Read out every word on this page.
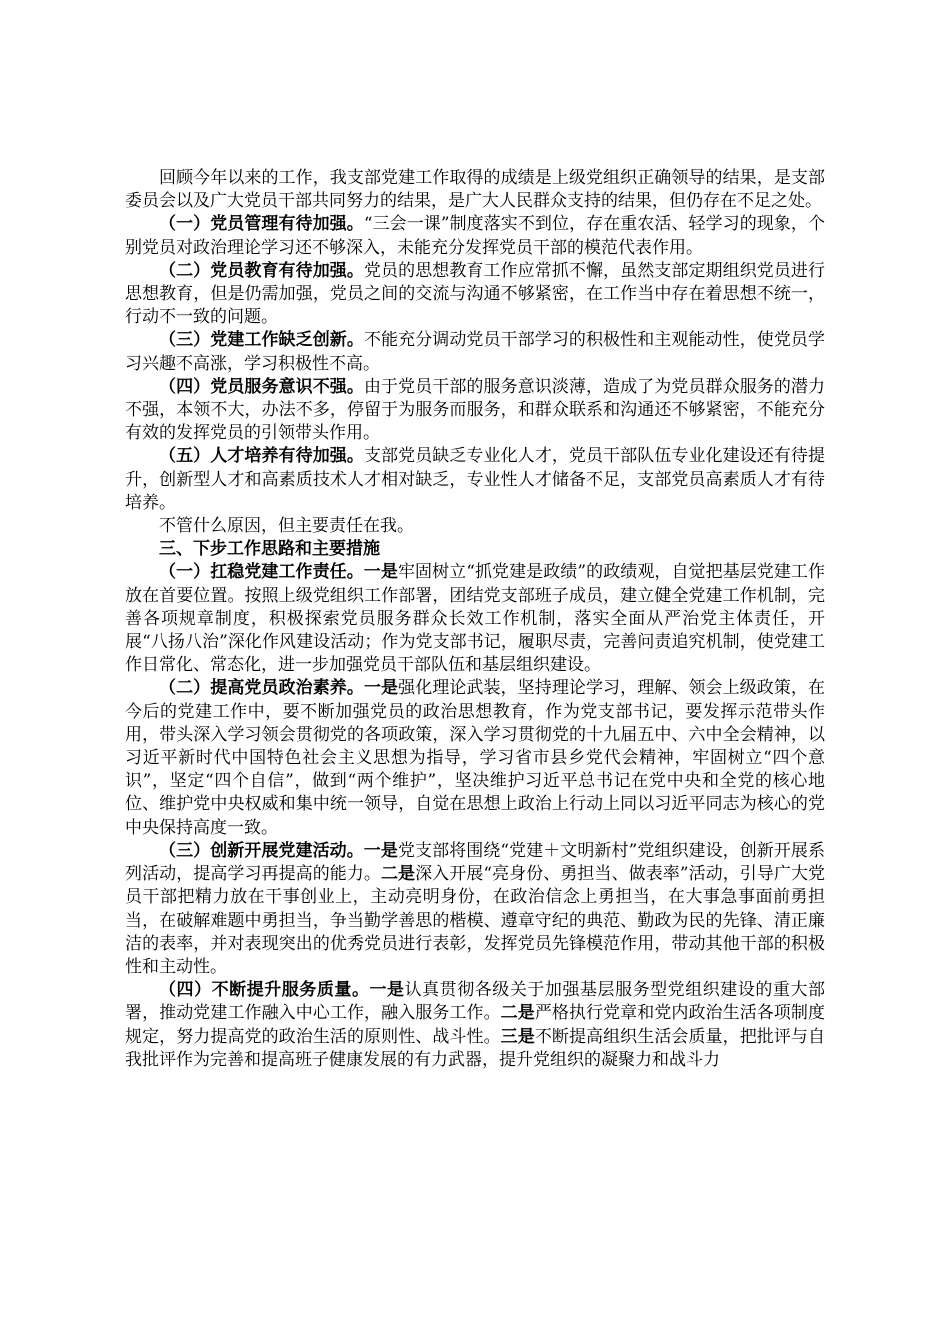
回顾今年以来的工作，我支部党建工作取得的成绩是上级党组织正确领导的结果，是支部委员会以及广大党员干部共同努力的结果，是广大人民群众支持的结果，但仍存在不足之处。

（一）党员管理有待加强。“三会一课”制度落实不到位，存在重农活、轻学习的现象，个别党员对政治理论学习还不够深入，未能充分发挥党员干部的模范代表作用。

（二）党员教育有待加强。党员的思想教育工作应常抓不懈，虽然支部定期组织党员进行思想教育，但是仍需加强，党员之间的交流与沟通不够紧密，在工作当中存在着思想不统一，行动不一致的问题。

（三）党建工作缺乏创新。不能充分调动党员干部学习的积极性和主观能动性，使党员学习兴趣不高涨，学习积极性不高。

（四）党员服务意识不强。由于党员干部的服务意识淡薄，造成了为党员群众服务的潜力不强，本领不大，办法不多，停留于为服务而服务，和群众联系和沟通还不够紧密，不能充分有效的发挥党员的引领带头作用。

（五）人才培养有待加强。支部党员缺乏专业化人才，党员干部队伍专业化建设还有待提升，创新型人才和高素质技术人才相对缺乏，专业性人才储备不足，支部党员高素质人才有待培养。

不管什么原因，但主要责任在我。

三、下步工作思路和主要措施

（一）扛稳党建工作责任。一是牢固树立“抓党建是政绩”的政绩观，自觉把基层党建工作放在首要位置。按照上级党组织工作部署，团结党支部班子成员，建立健全党建工作机制，完善各项规章制度，积极探索党员服务群众长效工作机制，落实全面从严治党主体责任，开展“八扬八治”深化作风建设活动；作为党支部书记，履职尽责，完善问责追究机制，使党建工作日常化、常态化，进一步加强党员干部队伍和基层组织建设。

（二）提高党员政治素养。一是强化理论武装，坚持理论学习，理解、领会上级政策，在今后的党建工作中，要不断加强党员的政治思想教育，作为党支部书记，要发挥示范带头作用，带头深入学习领会贯彻党的各项政策，深入学习贯彻党的十九届五中、六中全会精神，以习近平新时代中国特色社会主义思想为指导，学习省市县乡党代会精神，牢固树立“四个意识”，坚定“四个自信”，做到“两个维护”，坚决维护习近平总书记在党中央和全党的核心地位、维护党中央权威和集中统一领导，自觉在思想上政治上行动上同以习近平同志为核心的党中央保持高度一致。

（三）创新开展党建活动。一是党支部将围绕“党建＋文明新村”党组织建设，创新开展系列活动，提高学习再提高的能力。二是深入开展“亮身份、勇担当、做表率”活动，引导广大党员干部把精力放在干事创业上，主动亮明身份，在政治信念上勇担当，在大事急事面前勇担当，在破解难题中勇担当，争当勤学善思的楷模、遵章守纪的典范、勤政为民的先锋、清正廉洁的表率，并对表现突出的优秀党员进行表彰，发挥党员先锋模范作用，带动其他干部的积极性和主动性。

（四）不断提升服务质量。一是认真贯彻各级关于加强基层服务型党组织建设的重大部署，推动党建工作融入中心工作，融入服务工作。二是严格执行党章和党内政治生活各项制度规定，努力提高党的政治生活的原则性、战斗性。三是不断提高组织生活会质量，把批评与自我批评作为完善和提高班子健康发展的有力武器，提升党组织的凝聚力和战斗力
